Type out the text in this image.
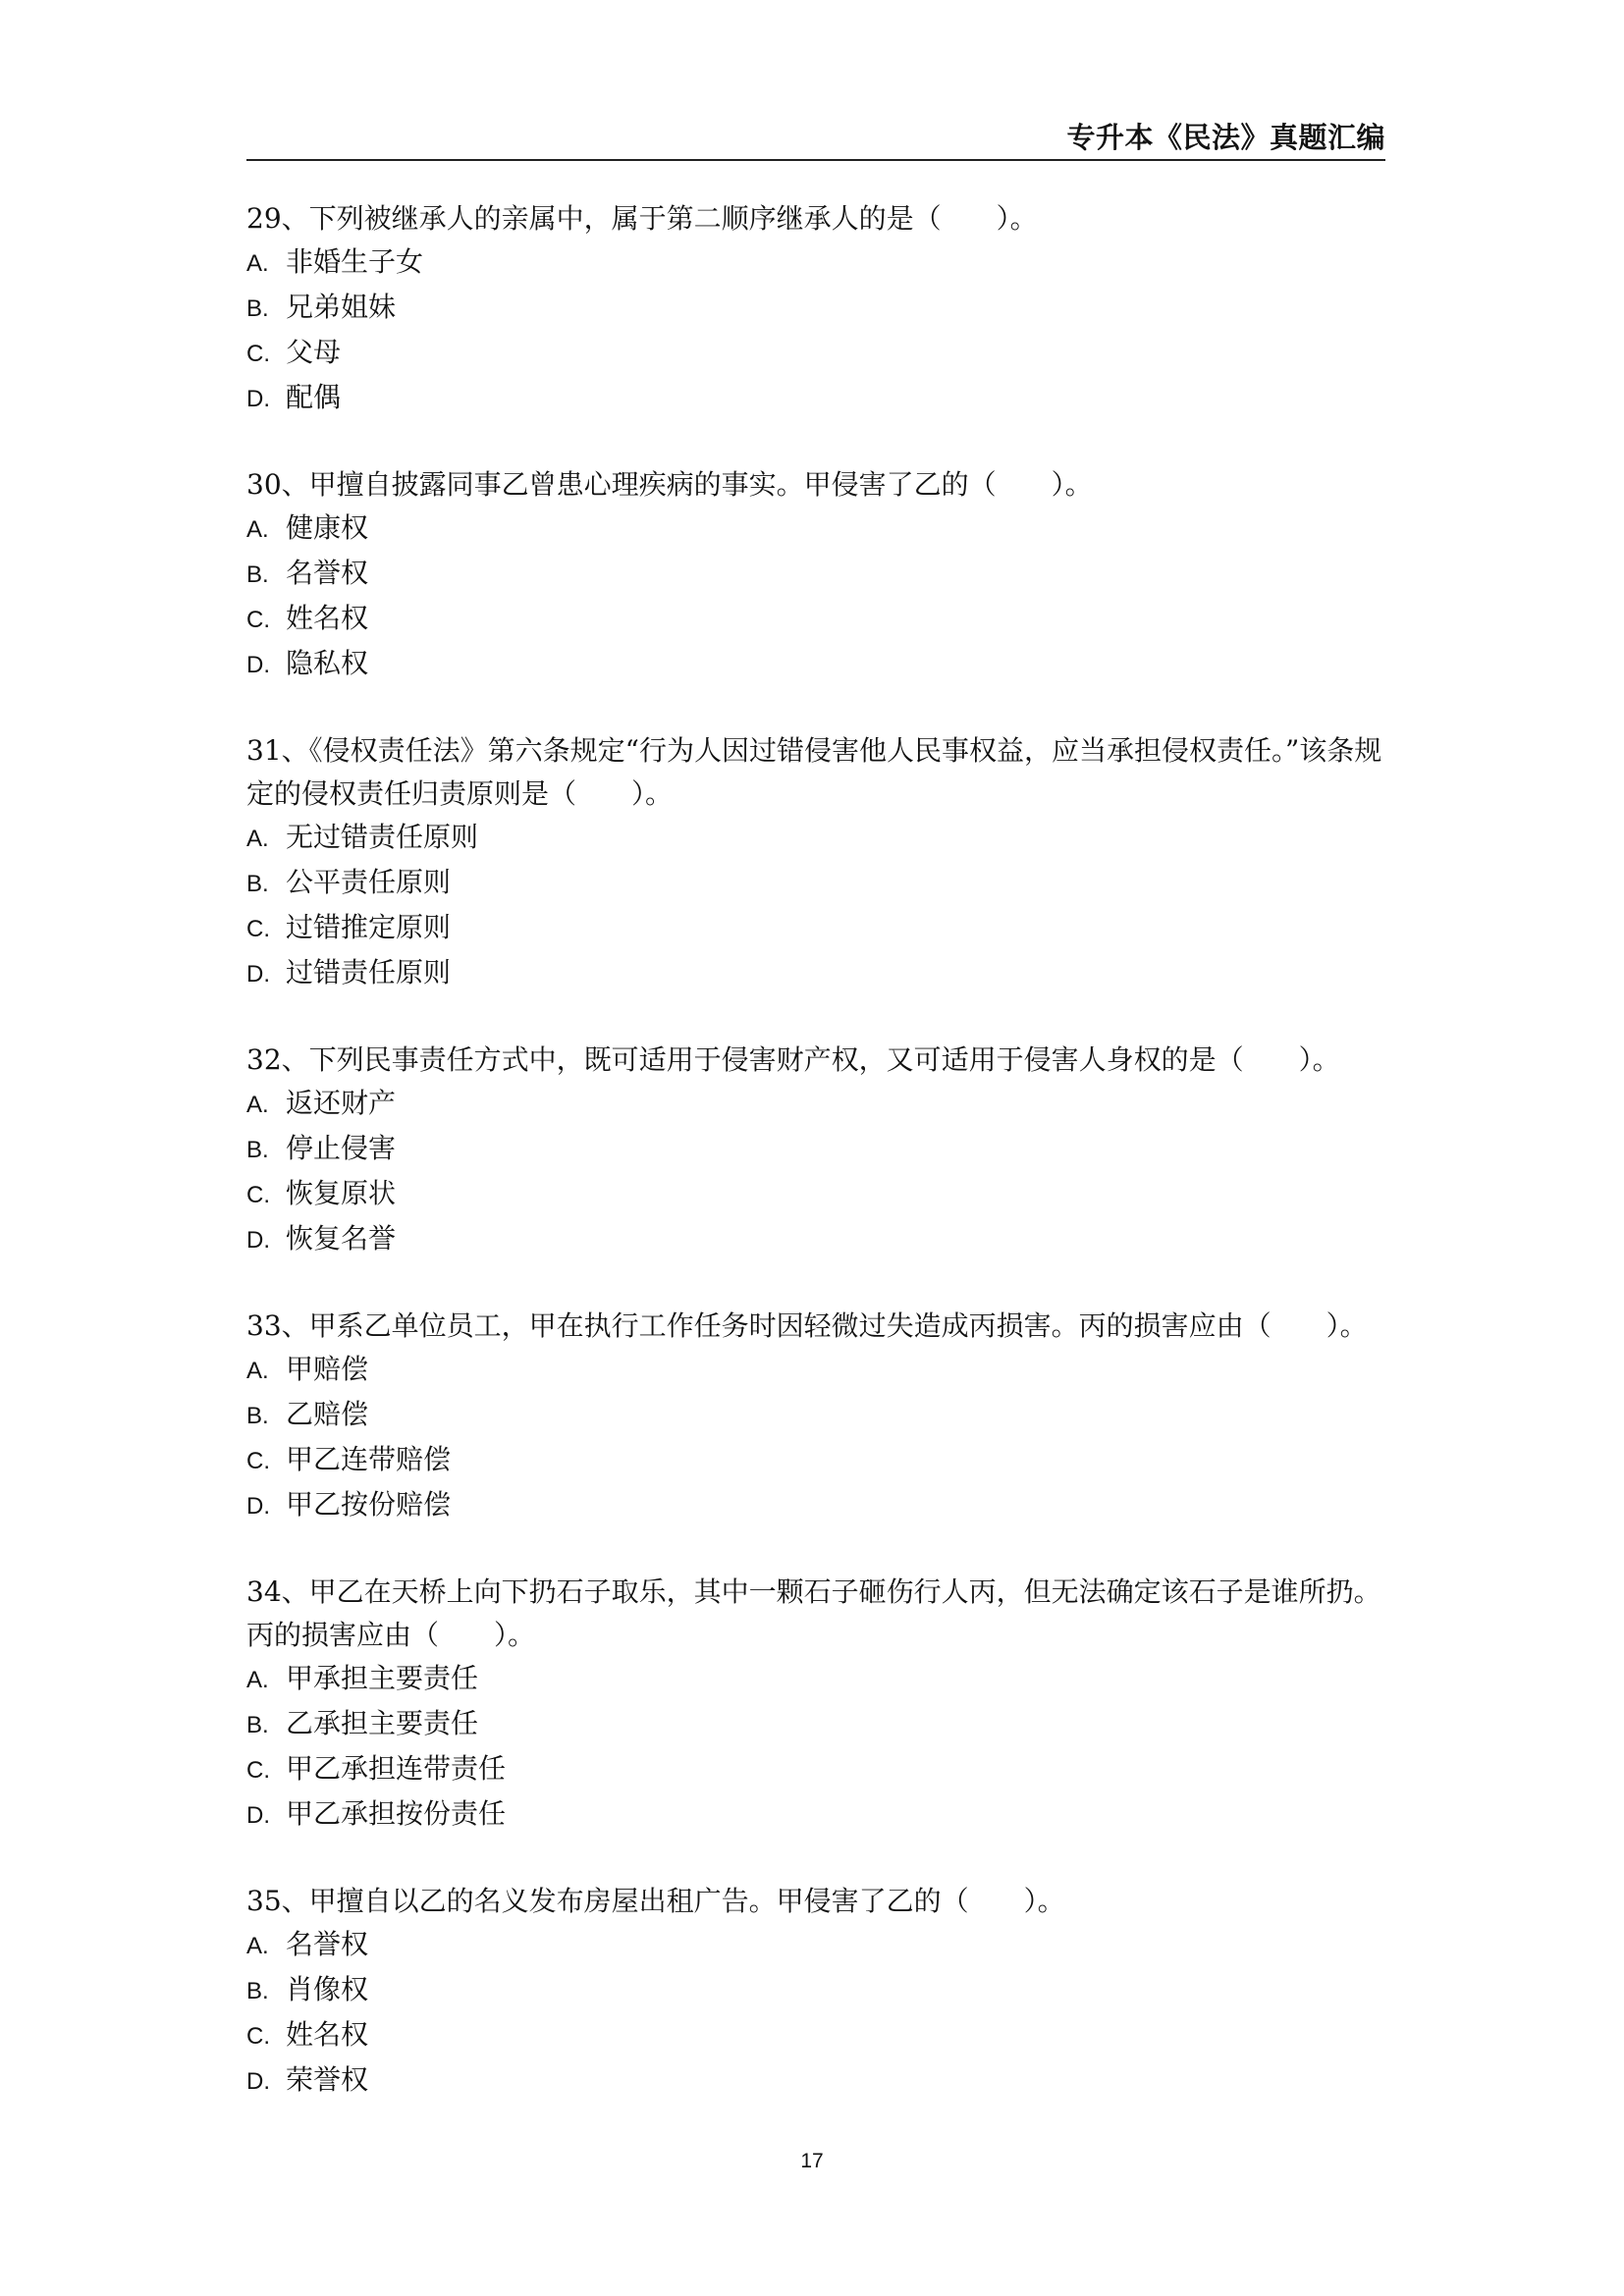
专升本《民法》真题汇编

29、下列被继承人的亲属中，属于第二顺序继承人的是（　　）。

A. 非婚生子女
B. 兄弟姐妹
C. 父母
D. 配偶

30、甲擅自披露同事乙曾患心理疾病的事实。甲侵害了乙的（　　）。

A. 健康权
B. 名誉权
C. 姓名权
D. 隐私权

31、《侵权责任法》第六条规定“行为人因过错侵害他人民事权益，应当承担侵权责任。”该条规定的侵权责任归责原则是（　　）。

A. 无过错责任原则
B. 公平责任原则
C. 过错推定原则
D. 过错责任原则

32、下列民事责任方式中，既可适用于侵害财产权，又可适用于侵害人身权的是（　　）。

A. 返还财产
B. 停止侵害
C. 恢复原状
D. 恢复名誉

33、甲系乙单位员工，甲在执行工作任务时因轻微过失造成丙损害。丙的损害应由（　　）。

A. 甲赔偿
B. 乙赔偿
C. 甲乙连带赔偿
D. 甲乙按份赔偿

34、甲乙在天桥上向下扔石子取乐，其中一颗石子砸伤行人丙，但无法确定该石子是谁所扔。丙的损害应由（　　）。

A. 甲承担主要责任
B. 乙承担主要责任
C. 甲乙承担连带责任
D. 甲乙承担按份责任

35、甲擅自以乙的名义发布房屋出租广告。甲侵害了乙的（　　）。

A. 名誉权
B. 肖像权
C. 姓名权
D. 荣誉权
17
